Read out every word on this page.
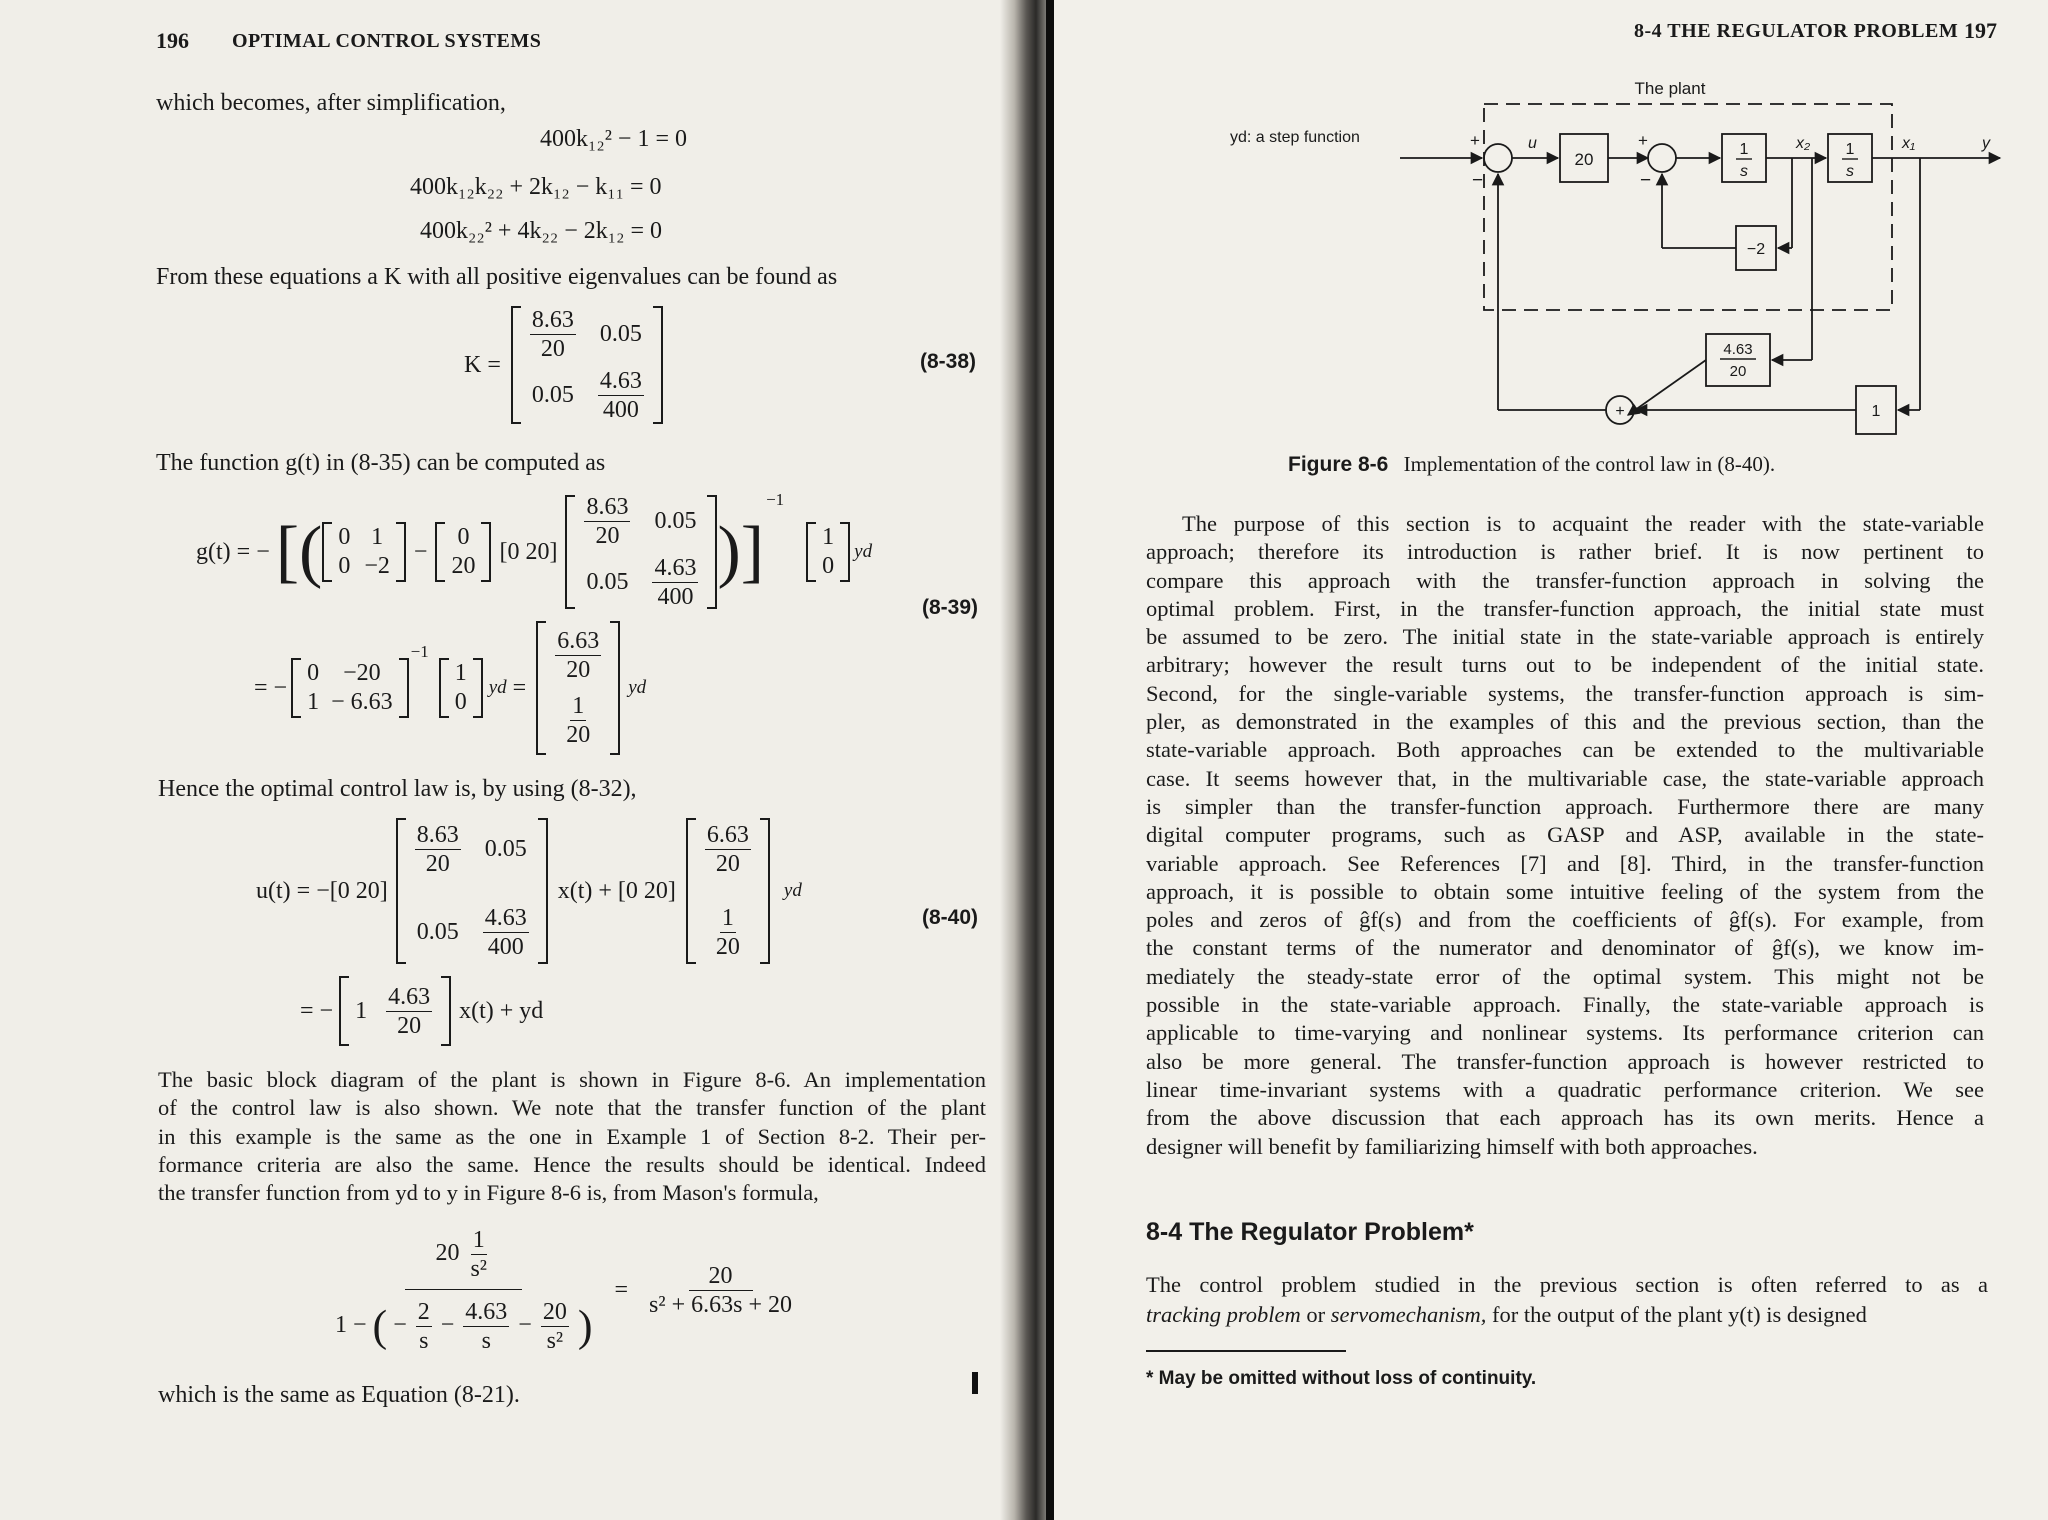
196 OPTIMAL CONTROL SYSTEMS
which becomes, after simplification,
400k₁₂² − 1 = 0
400k₁₂k₂₂ + 2k₁₂ − k₁₁ = 0
400k₂₂² + 4k₂₂ − 2k₁₂ = 0
From these equations a K with all positive eigenvalues can be found as
K =
$\frac{8.63}{20} 0.05$
$0.05 \frac{4.63}{400}$
(8-38)
The function g(t) in (8-35) can be computed as
g(t) = − [( 0 1
0 −2
−
0
20
[0 20]
$\frac{8.63}{20} 0.05$
$0.05 \frac{4.63}{400}$ )]
−1
1
0
yd
(8-39)
= −
0 −20
1 − 6.63
−1
1
0
yd =
$\frac{6.63}{20}$
$\frac{1}{20}$
yd
Hence the optimal control law is, by using (8-32),
u(t) = −[0 20]
$\frac{8.63}{20} 0.05$
$0.05 \frac{4.63}{400}$
x(t) + [0 20]
$\frac{6.63}{20}$
$\frac{1}{20}$
yd
(8-40)
= − $1 \frac{4.63}{20} x(t)$ + yd
The basic block diagram of the plant is shown in Figure 8-6. An implementation
of the control law is also shown. We note that the transfer function of the plant
in this example is the same as the one in Example 1 of Section 8-2. Their per-
formance criteria are also the same. Hence the results should be identical. Indeed
the transfer function from yd to y in Figure 8-6 is, from Mason's formula,
$20 \frac{1}{\text{s²}}$
1 − ( − $\frac{2}{s} - \frac{4.63}{s} - \frac{20}{\text{s²}}$ )
= $\frac{20}{\text{s² + 6.63s + 20}}$
which is the same as Equation (8-21).
8-4 THE REGULATOR PROBLEM 197
The plant
yd: a step function	+
−
u
20
+
−
1
s
x₂ 1
s
x₁	y
−2
4.63
20
1
+
Figure 8-6 Implementation of the control law in (8-40).
The purpose of this section is to acquaint the reader with the state-variable
approach; therefore its introduction is rather brief. It is now pertinent to
compare this approach with the transfer-function approach in solving the
optimal problem. First, in the transfer-function approach, the initial state must
be assumed to be zero. The initial state in the state-variable approach is entirely
arbitrary; however the result turns out to be independent of the initial state.
Second, for the single-variable systems, the transfer-function approach is sim-
pler, as demonstrated in the examples of this and the previous section, than the
state-variable approach. Both approaches can be extended to the multivariable
case. It seems however that, in the multivariable case, the state-variable approach
is simpler than the transfer-function approach. Furthermore there are many
digital computer programs, such as GASP and ASP, available in the state-
variable approach. See References [7] and [8]. Third, in the transfer-function
approach, it is possible to obtain some intuitive feeling of the system from the
poles and zeros of ĝf(s) and from the coefficients of ĝf(s). For example, from
the constant terms of the numerator and denominator of ĝf(s), we know im-
mediately the steady-state error of the optimal system. This might not be
possible in the state-variable approach. Finally, the state-variable approach is
applicable to time-varying and nonlinear systems. Its performance criterion can
also be more general. The transfer-function approach is however restricted to
linear time-invariant systems with a quadratic performance criterion. We see
from the above discussion that each approach has its own merits. Hence a
designer will benefit by familiarizing himself with both approaches.
8-4 The Regulator Problem*
The control problem studied in the previous section is often referred to as a
tracking problem or servomechanism, for the output of the plant y(t) is designed
* May be omitted without loss of continuity.
